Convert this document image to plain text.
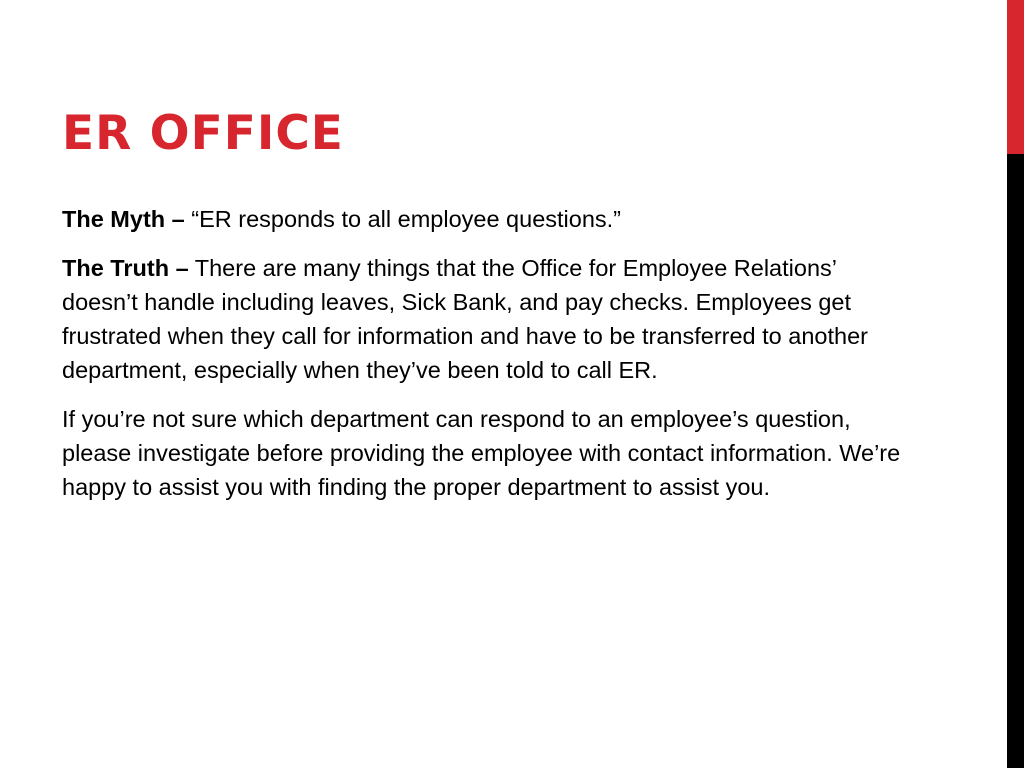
ER OFFICE

The Myth – “ER responds to all employee questions.”

The Truth – There are many things that the Office for Employee Relations’ doesn’t handle including leaves, Sick Bank, and pay checks. Employees get frustrated when they call for information and have to be transferred to another department, especially when they’ve been told to call ER.

If you’re not sure which department can respond to an employee’s question, please investigate before providing the employee with contact information. We’re happy to assist you with finding the proper department to assist you.
